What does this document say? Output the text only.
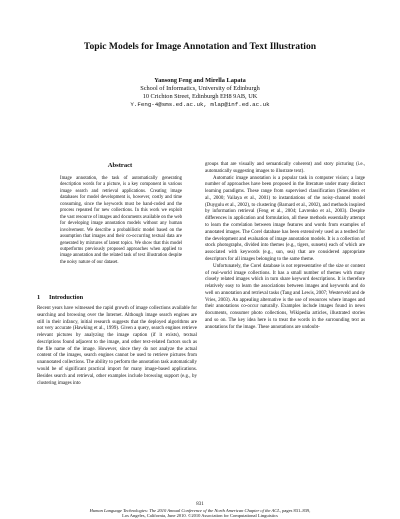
Topic Models for Image Annotation and Text Illustration
Yansong Feng and Mirella Lapata
School of Informatics, University of Edinburgh
10 Crichton Street, Edinburgh EH8 9AB, UK
Y.Feng-4@sms.ed.ac.uk, mlap@inf.ed.ac.uk
Abstract
Image annotation, the task of automatically generating description words for a picture, is a key component in various image search and retrieval applications. Creating image databases for model development is, however, costly and time consuming, since the keywords must be hand-coded and the process repeated for new collections. In this work we exploit the vast resource of images and documents available on the web for developing image annotation models without any human involvement. We describe a probabilistic model based on the assumption that images and their co-occurring textual data are generated by mixtures of latent topics. We show that this model outperforms previously proposed approaches when applied to image annotation and the related task of text illustration despite the noisy nature of our dataset.
1 Introduction

Recent years have witnessed the rapid growth of image collections available for searching and browsing over the Internet. Although image search engines are still in their infancy, initial research suggests that the deployed algorithms are not very accurate (Hawking et al., 1999). Given a query, search engines retrieve relevant pictures by analyzing the image caption (if it exists), textual descriptions found adjacent to the image, and other text-related factors such as the file name of the image. However, since they do not analyze the actual content of the images, search engines cannot be used to retrieve pictures from unannotated collections. The ability to perform the annotation task automatically would be of significant practical import for many image-based applications. Besides search and retrieval, other examples include browsing support (e.g., by clustering images into

groups that are visually and semantically coherent) and story picturing (i.e., automatically suggesting images to illustrate text).

Automatic image annotation is a popular task in computer vision; a large number of approaches have been proposed in the literature under many distinct learning paradigms. These range from supervised classification (Smeulders et al., 2000; Vailaya et al., 2001) to instantiations of the noisy-channel model (Duygulu et al., 2002), to clustering (Barnard et al., 2002), and methods inspired by information retrieval (Feng et al., 2004; Lavrenko et al., 2003). Despite differences in application and formulation, all these methods essentially attempt to learn the correlation between image features and words from examples of annotated images. The Corel database has been extensively used as a testbed for the development and evaluation of image annotation models. It is a collection of stock photographs, divided into themes (e.g., tigers, sunsets) each of which are associated with keywords (e.g., sun, sea) that are considered appropriate descriptors for all images belonging to the same theme.

Unfortunately, the Corel database is not representative of the size or content of real-world image collections. It has a small number of themes with many closely related images which in turn share keyword descriptions. It is therefore relatively easy to learn the associations between images and keywords and do well on annotation and retrieval tasks (Tang and Lewis, 2007; Westerveld and de Vries, 2003). An appealing alternative is the use of resources where images and their annotations co-occur naturally. Examples include images found in news documents, consumer photo collections, Wikipedia articles, illustrated stories and so on. The key idea here is to treat the words in the surrounding text as annotations for the image. These annotations are undoubt-

831
Human Language Technologies: The 2010 Annual Conference of the North American Chapter of the ACL, pages 831–839,
Los Angeles, California, June 2010. ©2010 Association for Computational Linguistics
